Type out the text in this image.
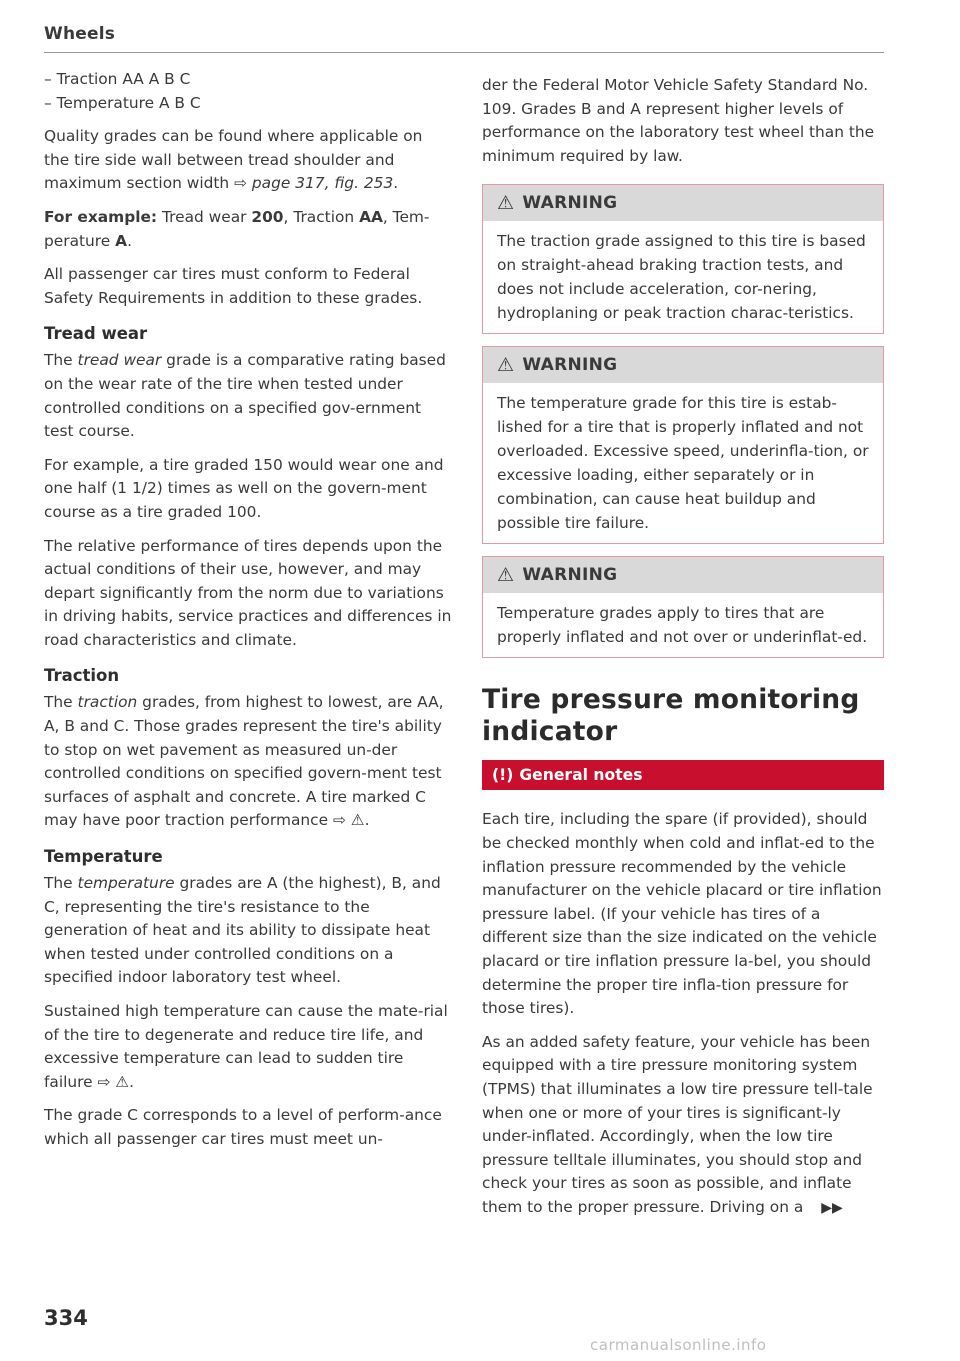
Wheels

– Traction AA A B C

– Temperature A B C

Quality grades can be found where applicable on the tire side wall between tread shoulder and maximum section width ⇨ page 317, fig. 253.

For example: Tread wear 200, Traction AA, Tem-perature A.

All passenger car tires must conform to Federal Safety Requirements in addition to these grades.

Tread wear

The tread wear grade is a comparative rating based on the wear rate of the tire when tested under controlled conditions on a specified gov-ernment test course.

For example, a tire graded 150 would wear one and one half (1 1/2) times as well on the govern-ment course as a tire graded 100.

The relative performance of tires depends upon the actual conditions of their use, however, and may depart significantly from the norm due to variations in driving habits, service practices and differences in road characteristics and climate.

Traction

The traction grades, from highest to lowest, are AA, A, B and C. Those grades represent the tire's ability to stop on wet pavement as measured un-der controlled conditions on specified govern-ment test surfaces of asphalt and concrete. A tire marked C may have poor traction performance ⇨ ⚠.

Temperature

The temperature grades are A (the highest), B, and C, representing the tire's resistance to the generation of heat and its ability to dissipate heat when tested under controlled conditions on a specified indoor laboratory test wheel.

Sustained high temperature can cause the mate-rial of the tire to degenerate and reduce tire life, and excessive temperature can lead to sudden tire failure ⇨ ⚠.

The grade C corresponds to a level of perform-ance which all passenger car tires must meet un-

der the Federal Motor Vehicle Safety Standard No. 109. Grades B and A represent higher levels of performance on the laboratory test wheel than the minimum required by law.

⚠ WARNING
The traction grade assigned to this tire is based on straight-ahead braking traction tests, and does not include acceleration, cor-nering, hydroplaning or peak traction charac-teristics.
⚠ WARNING
The temperature grade for this tire is estab-lished for a tire that is properly inflated and not overloaded. Excessive speed, underinfla-tion, or excessive loading, either separately or in combination, can cause heat buildup and possible tire failure.
⚠ WARNING
Temperature grades apply to tires that are properly inflated and not over or underinflat-ed.
Tire pressure monitoring indicator
(!) General notes

Each tire, including the spare (if provided), should be checked monthly when cold and inflat-ed to the inflation pressure recommended by the vehicle manufacturer on the vehicle placard or tire inflation pressure label. (If your vehicle has tires of a different size than the size indicated on the vehicle placard or tire inflation pressure la-bel, you should determine the proper tire infla-tion pressure for those tires).

As an added safety feature, your vehicle has been equipped with a tire pressure monitoring system (TPMS) that illuminates a low tire pressure tell-tale when one or more of your tires is significant-ly under-inflated. Accordingly, when the low tire pressure telltale illuminates, you should stop and check your tires as soon as possible, and inflate them to the proper pressure. Driving on a ▶▶

334
carmanualsonline.info
